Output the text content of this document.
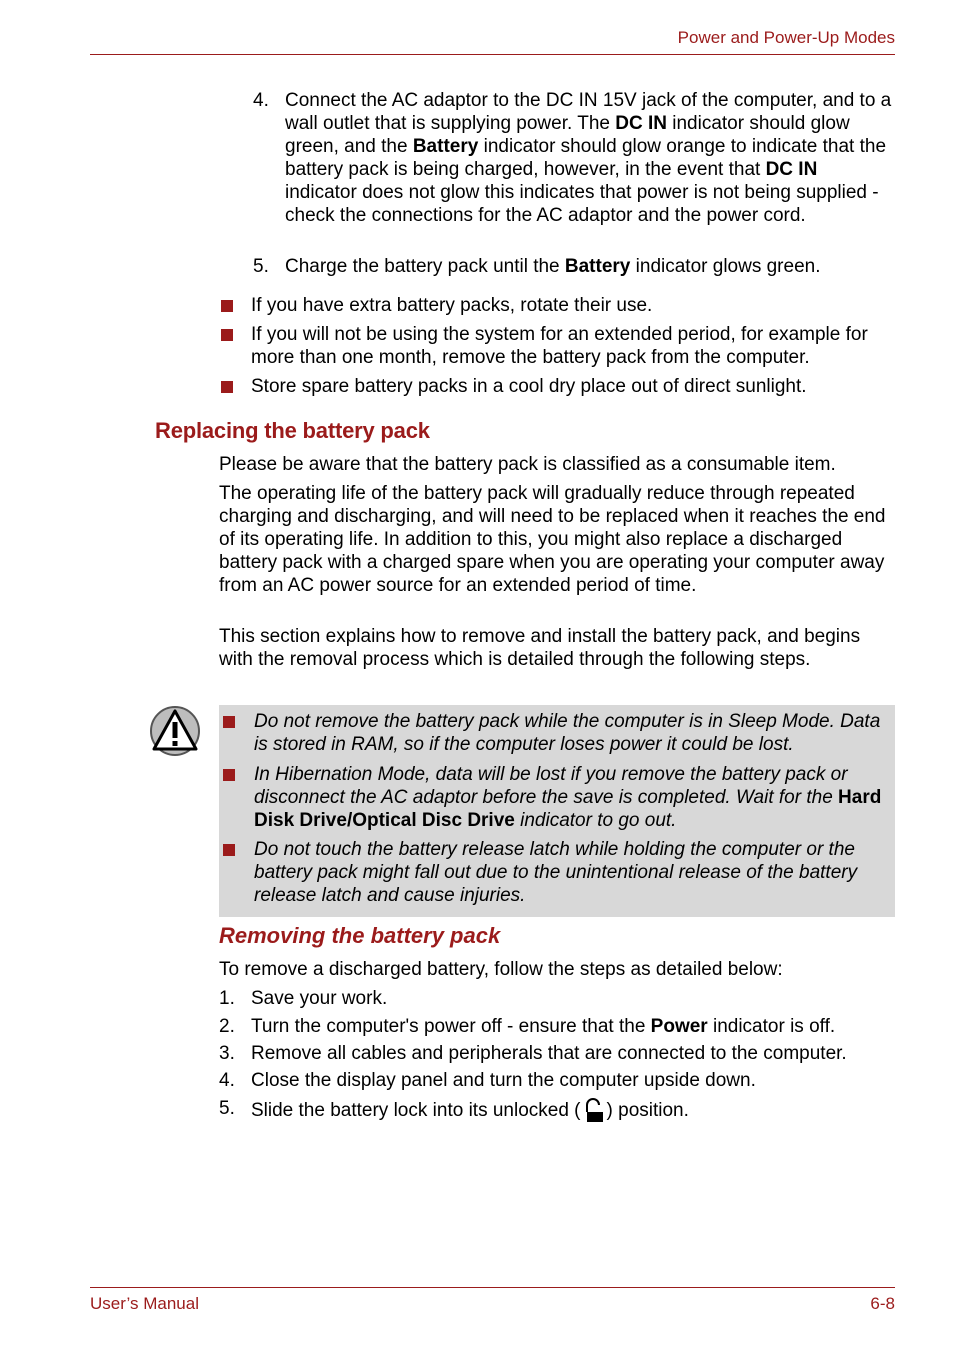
Power and Power-Up Modes
4. Connect the AC adaptor to the DC IN 15V jack of the computer, and to a wall outlet that is supplying power. The DC IN indicator should glow green, and the Battery indicator should glow orange to indicate that the battery pack is being charged, however, in the event that DC IN indicator does not glow this indicates that power is not being supplied - check the connections for the AC adaptor and the power cord.
5. Charge the battery pack until the Battery indicator glows green.
If you have extra battery packs, rotate their use.
If you will not be using the system for an extended period, for example for more than one month, remove the battery pack from the computer.
Store spare battery packs in a cool dry place out of direct sunlight.
Replacing the battery pack
Please be aware that the battery pack is classified as a consumable item.
The operating life of the battery pack will gradually reduce through repeated charging and discharging, and will need to be replaced when it reaches the end of its operating life. In addition to this, you might also replace a discharged battery pack with a charged spare when you are operating your computer away from an AC power source for an extended period of time.
This section explains how to remove and install the battery pack, and begins with the removal process which is detailed through the following steps.
Do not remove the battery pack while the computer is in Sleep Mode. Data is stored in RAM, so if the computer loses power it could be lost.
In Hibernation Mode, data will be lost if you remove the battery pack or disconnect the AC adaptor before the save is completed. Wait for the Hard Disk Drive/Optical Disc Drive indicator to go out.
Do not touch the battery release latch while holding the computer or the battery pack might fall out due to the unintentional release of the battery release latch and cause injuries.
Removing the battery pack
To remove a discharged battery, follow the steps as detailed below:
1. Save your work.
2. Turn the computer's power off - ensure that the Power indicator is off.
3. Remove all cables and peripherals that are connected to the computer.
4. Close the display panel and turn the computer upside down.
5. Slide the battery lock into its unlocked ( ) position.
User’s Manual	6-8
